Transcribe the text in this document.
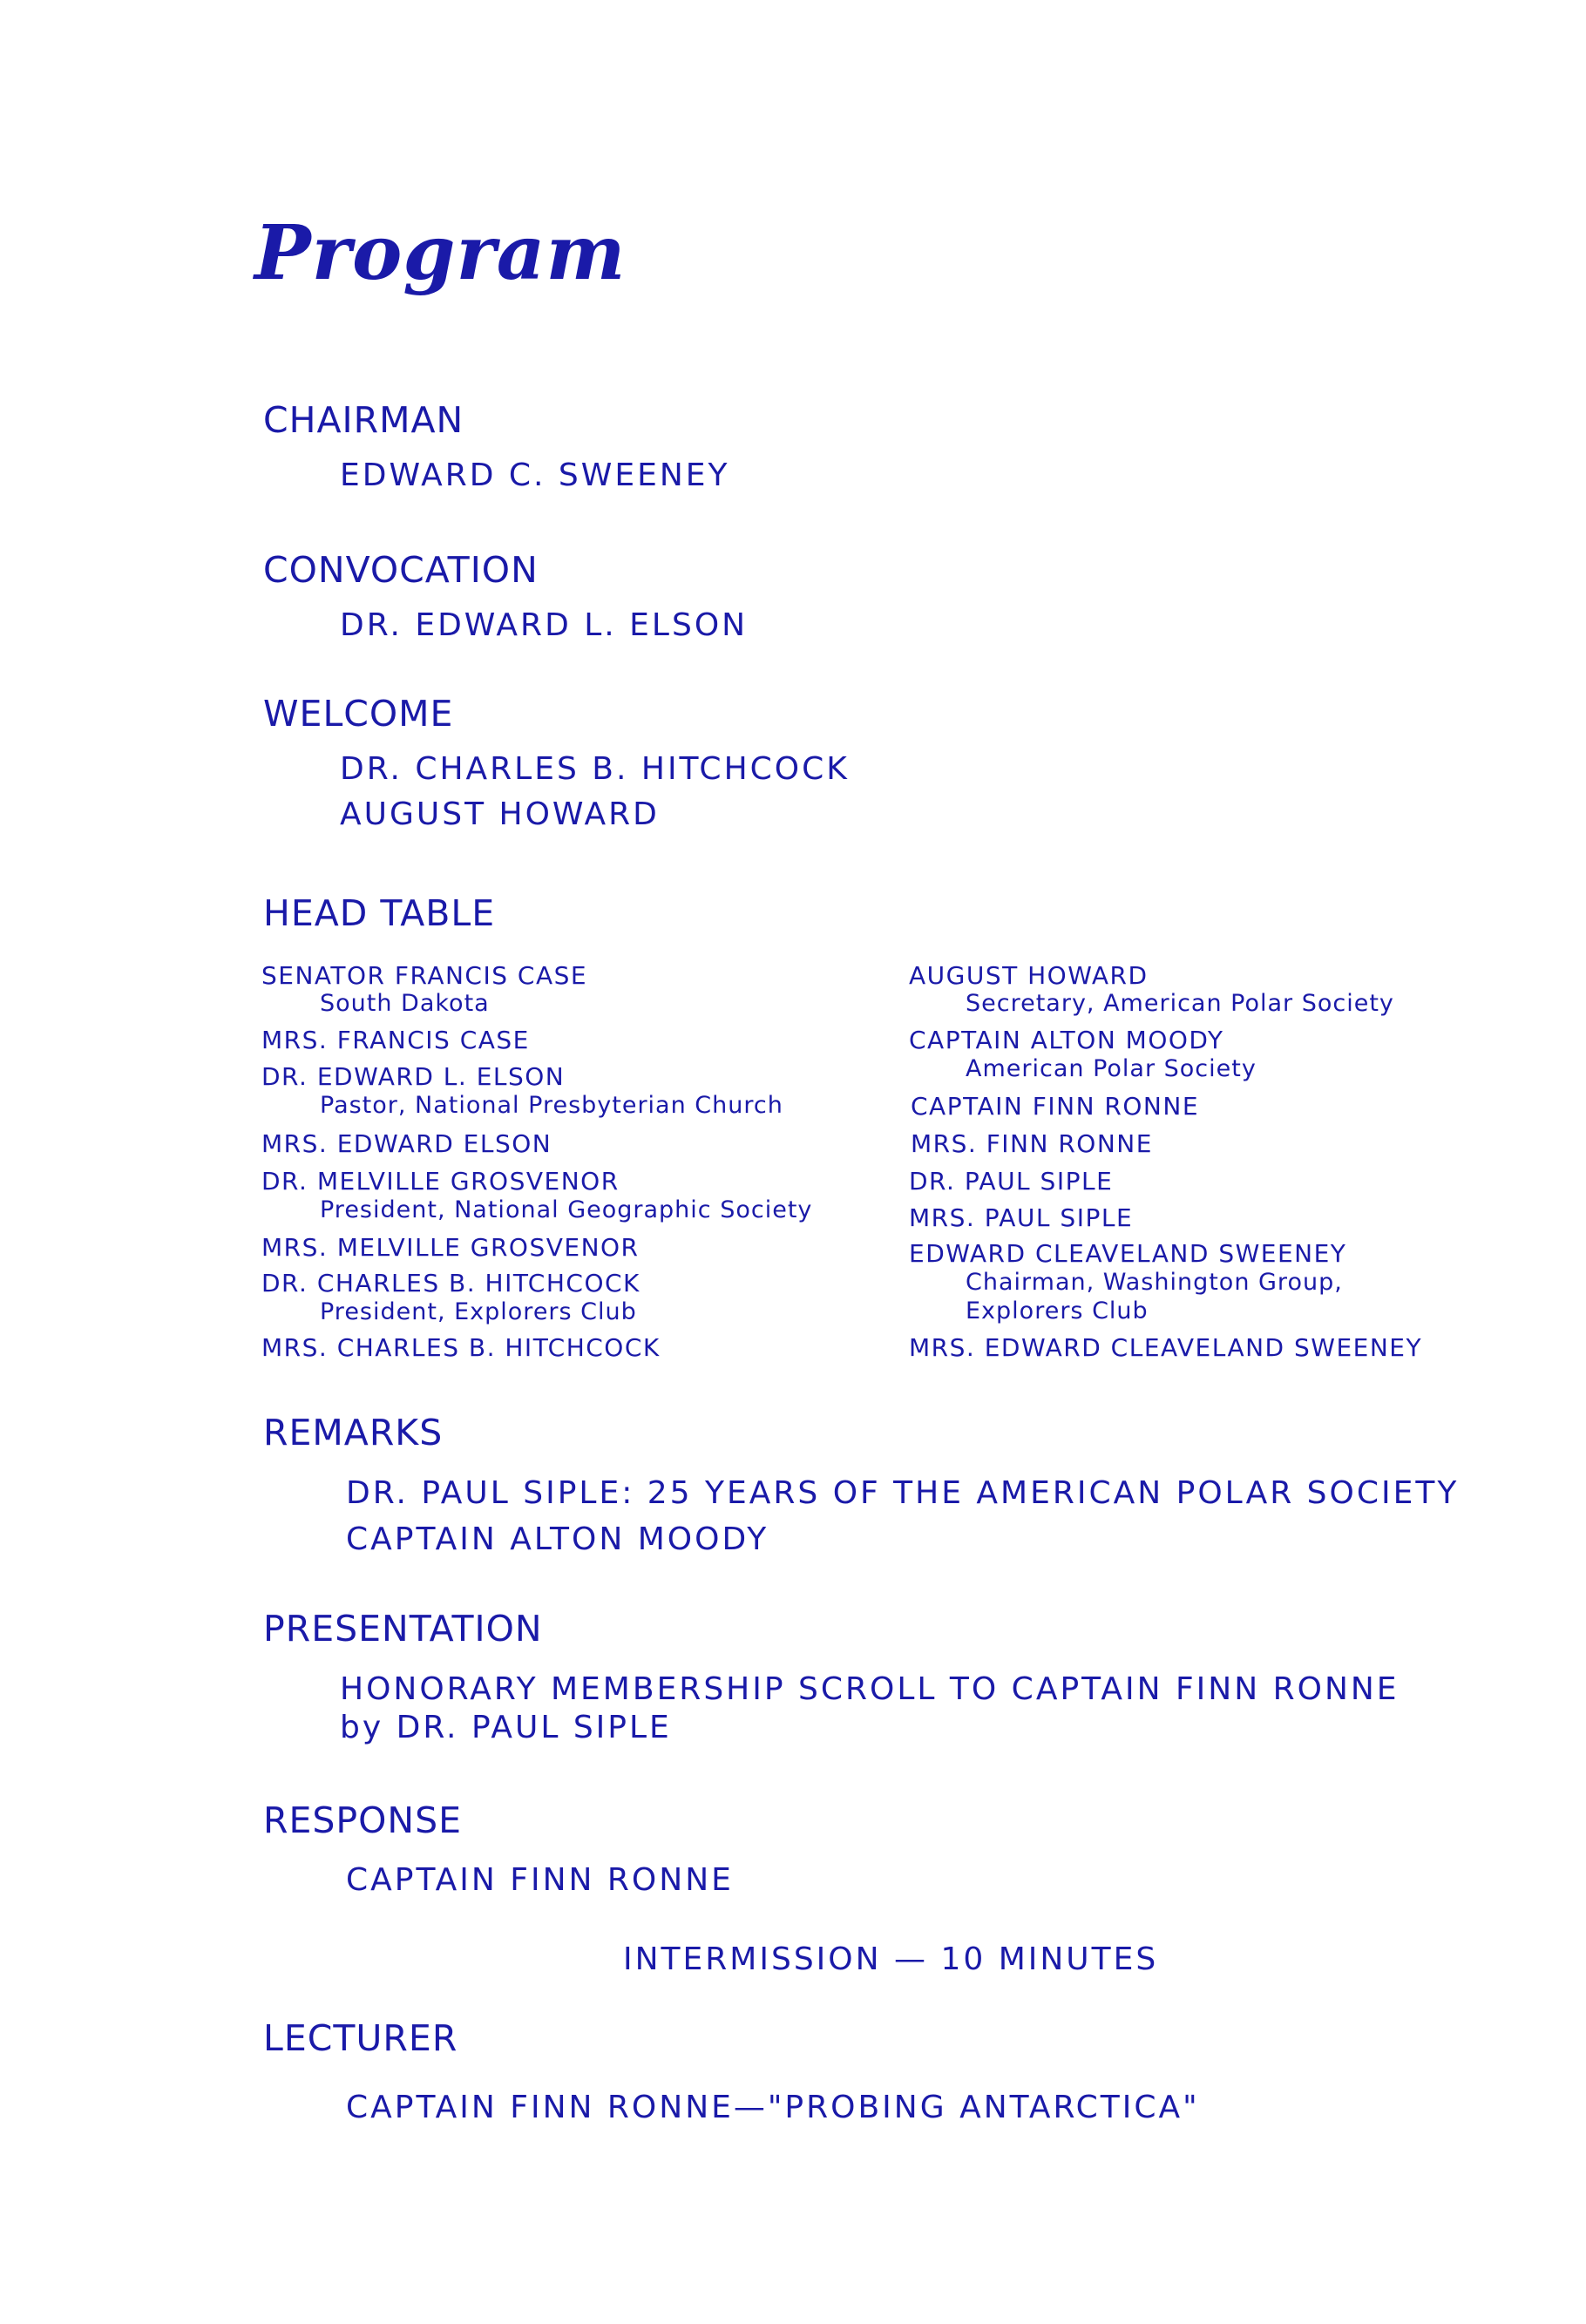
Program
CHAIRMAN
EDWARD C. SWEENEY
CONVOCATION
DR. EDWARD L. ELSON
WELCOME
DR. CHARLES B. HITCHCOCK
AUGUST HOWARD
HEAD TABLE
SENATOR FRANCIS CASE
South Dakota
MRS. FRANCIS CASE
DR. EDWARD L. ELSON
Pastor, National Presbyterian Church
MRS. EDWARD ELSON
DR. MELVILLE GROSVENOR
President, National Geographic Society
MRS. MELVILLE GROSVENOR
DR. CHARLES B. HITCHCOCK
President, Explorers Club
MRS. CHARLES B. HITCHCOCK
AUGUST HOWARD
Secretary, American Polar Society
CAPTAIN ALTON MOODY
American Polar Society
CAPTAIN FINN RONNE
MRS. FINN RONNE
DR. PAUL SIPLE
MRS. PAUL SIPLE
EDWARD CLEAVELAND SWEENEY
Chairman, Washington Group,
Explorers Club
MRS. EDWARD CLEAVELAND SWEENEY
REMARKS
DR. PAUL SIPLE: 25 YEARS OF THE AMERICAN POLAR SOCIETY
CAPTAIN ALTON MOODY
PRESENTATION
HONORARY MEMBERSHIP SCROLL TO CAPTAIN FINN RONNE
by DR. PAUL SIPLE
RESPONSE
CAPTAIN FINN RONNE
INTERMISSION — 10 MINUTES
LECTURER
CAPTAIN FINN RONNE—"PROBING ANTARCTICA"
